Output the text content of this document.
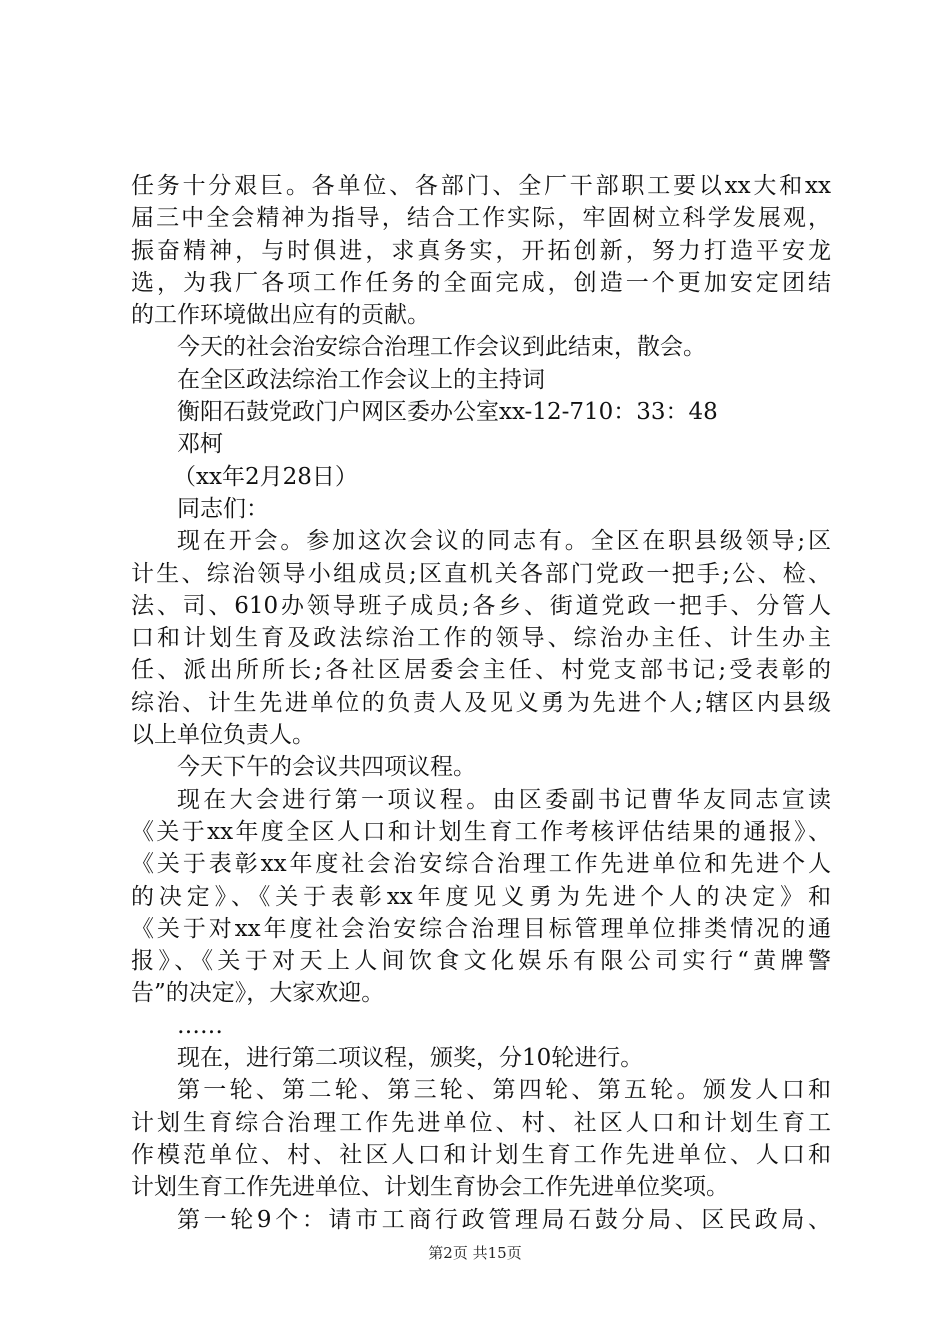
任务十分艰巨。各单位、各部门、全厂干部职工要以xx大和xx
届三中全会精神为指导，结合工作实际，牢固树立科学发展观，
振奋精神，与时俱进，求真务实，开拓创新，努力打造平安龙
选，为我厂各项工作任务的全面完成，创造一个更加安定团结
的工作环境做出应有的贡献。
今天的社会治安综合治理工作会议到此结束，散会。
在全区政法综治工作会议上的主持词
衡阳石鼓党政门户网区委办公室xx-12-710：33：48
邓柯
（xx年2月28日）
同志们：
现在开会。参加这次会议的同志有。全区在职县级领导;区
计生、综治领导小组成员;区直机关各部门党政一把手;公、检、
法、司、610办领导班子成员;各乡、街道党政一把手、分管人
口和计划生育及政法综治工作的领导、综治办主任、计生办主
任、派出所所长;各社区居委会主任、村党支部书记;受表彰的
综治、计生先进单位的负责人及见义勇为先进个人;辖区内县级
以上单位负责人。
今天下午的会议共四项议程。
现在大会进行第一项议程。由区委副书记曹华友同志宣读
《关于xx年度全区人口和计划生育工作考核评估结果的通报》、
《关于表彰xx年度社会治安综合治理工作先进单位和先进个人
的决定》、《关于表彰xx年度见义勇为先进个人的决定》和
《关于对xx年度社会治安综合治理目标管理单位排类情况的通
报》、《关于对天上人间饮食文化娱乐有限公司实行“黄牌警
告”的决定》，大家欢迎。
……
现在，进行第二项议程，颁奖，分10轮进行。
第一轮、第二轮、第三轮、第四轮、第五轮。颁发人口和
计划生育综合治理工作先进单位、村、社区人口和计划生育工
作模范单位、村、社区人口和计划生育工作先进单位、人口和
计划生育工作先进单位、计划生育协会工作先进单位奖项。
第一轮9个：请市工商行政管理局石鼓分局、区民政局、
第2页 共15页
